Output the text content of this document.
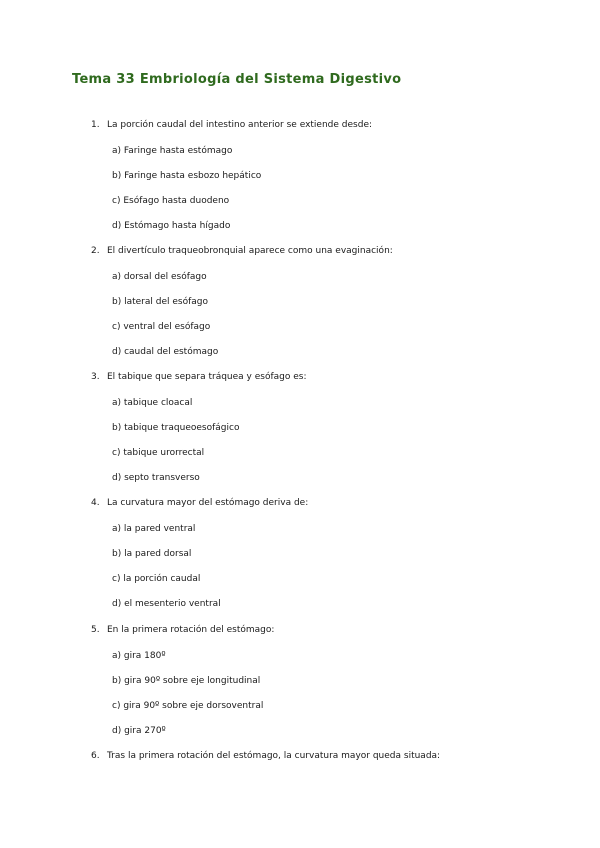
Tema 33 Embriología del Sistema Digestivo
1. La porción caudal del intestino anterior se extiende desde:
a) Faringe hasta estómago
b) Faringe hasta esbozo hepático
c) Esófago hasta duodeno
d) Estómago hasta hígado
2. El divertículo traqueobronquial aparece como una evaginación:
a) dorsal del esófago
b) lateral del esófago
c) ventral del esófago
d) caudal del estómago
3. El tabique que separa tráquea y esófago es:
a) tabique cloacal
b) tabique traqueoesofágico
c) tabique urorrectal
d) septo transverso
4. La curvatura mayor del estómago deriva de:
a) la pared ventral
b) la pared dorsal
c) la porción caudal
d) el mesenterio ventral
5. En la primera rotación del estómago:
a) gira 180º
b) gira 90º sobre eje longitudinal
c) gira 90º sobre eje dorsoventral
d) gira 270º
6. Tras la primera rotación del estómago, la curvatura mayor queda situada:
